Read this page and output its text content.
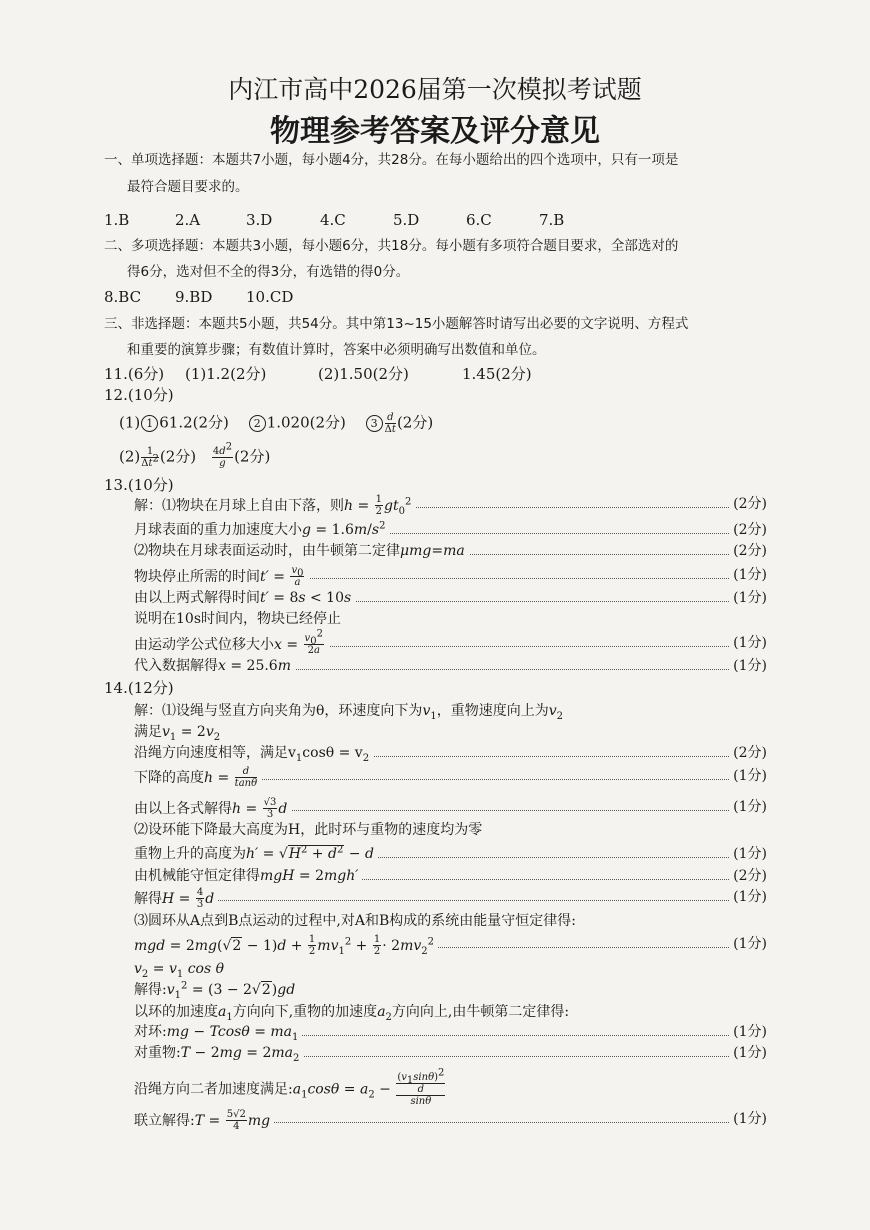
内江市高中2026届第一次模拟考试题
物理参考答案及评分意见
一、单项选择题：本题共7小题，每小题4分，共28分。在每小题给出的四个选项中，只有一项是
最符合题目要求的。
1.B	2.A	3.D	4.C	5.D	6.C	7.B
二、多项选择题：本题共3小题，每小题6分，共18分。每小题有多项符合题目要求，全部选对的
得6分，选对但不全的得3分，有选错的得0分。
8.BC 9.BD 10.CD
三、非选择题：本题共5小题，共54分。其中第13~15小题解答时请写出必要的文字说明、方程式
和重要的演算步骤；有数值计算时，答案中必须明确写出数值和单位。
11.(6分) (1)1.2(2分)	(2)1.50(2分)	1.45(2分)
12.(10分)
(1) 1 61.2(2分) 2 1.020(2分) $3 \frac{d}{\Delta t} (2$分)
$(2) \frac{1}{\Delta t^2} (2$分) $\frac{4d^2}{g} (2$分)
13.(10分)
解：⑴物块在月球上自由下落，则$h = \frac{1}{2} gt_0^2$	(2分)
月球表面的重力加速度大小$g = 1.6m/s^2$	(2分)
⑵物块在月球表面运动时，由牛顿第二定律μmg=ma	(2分)
物块停止所需的时间$t' = \frac{v_0}{a}$	(1分)
由以上两式解得时间t′ = 8s < 10s	(1分)
说明在10s时间内，物块已经停止
由运动学公式位移大小$x = \frac{v_0^2}{2a}$	(1分)
代入数据解得x = 25.6m	(1分)
14.(12分)
解：⑴设绳与竖直方向夹角为θ，环速度向下为$v_1$，重物速度向上为$v_2$
满足$v_1 = 2v_2$
沿绳方向速度相等，满足$v_1\cos\theta = v_2$	(2分)
下降的高度$h = \frac{d}{\tan\theta}$	(1分)
由以上各式解得$h = \frac{√3}{3}$ d	(1分)
⑵设环能下降最大高度为H，此时环与重物的速度均为零
重物上升的高度为$h' = √H^2 + d^2 - d$	(1分)
由机械能守恒定律得mgH = 2mgh′	(2分)
解得$H = \frac{4}{3}$ d	(1分)
⑶圆环从A点到B点运动的过程中,对A和B构成的系统由能量守恒定律得:
mgd = $2mg(√2 - 1)d + \frac{1}{2} mv_1^2 + \frac{1}{2} \cdot 2mv_2^2$	(1分)
$v_2 = v_1$ cos θ
解得$:v_1^2 = (3 - 2√2)gd$
以环的加速度$a_1$方向向下,重物的加速度$a_2$方向向上,由牛顿第二定律得:
对环:mg − $Tcos\theta = ma_1$	(1分)
对重物:T − $2mg = 2ma_2$	(1分)
沿绳方向二者加速度满足$:a_1\cos\theta = a_2 - (v_1\sin\theta)^2$
d
sinθ
联立解得:T = $\frac{5√2}{4}$ mg	(1分)
